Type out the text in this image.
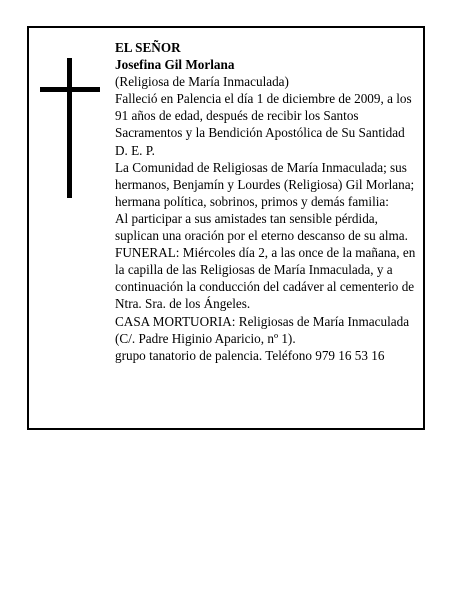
EL SEÑOR

Josefina Gil Morlana

(Religiosa de María Inmaculada)

Falleció en Palencia el día 1 de diciembre de 2009, a los 91 años de edad, después de recibir los Santos Sacramentos y la Bendición Apostólica de Su Santidad

D. E. P.

La Comunidad de Religiosas de María Inmaculada; sus hermanos, Benjamín y Lourdes (Religiosa) Gil Morlana; hermana política, sobrinos, primos y demás familia:

Al participar a sus amistades tan sensible pérdida, suplican una oración por el eterno descanso de su alma.

FUNERAL: Miércoles día 2, a las once de la mañana, en la capilla de las Religiosas de María Inmaculada, y a continuación la conducción del cadáver al cementerio de Ntra. Sra. de los Ángeles.

CASA MORTUORIA: Religiosas de María Inmaculada (C/. Padre Higinio Aparicio, nº 1).

grupo tanatorio de palencia. Teléfono 979 16 53 16
